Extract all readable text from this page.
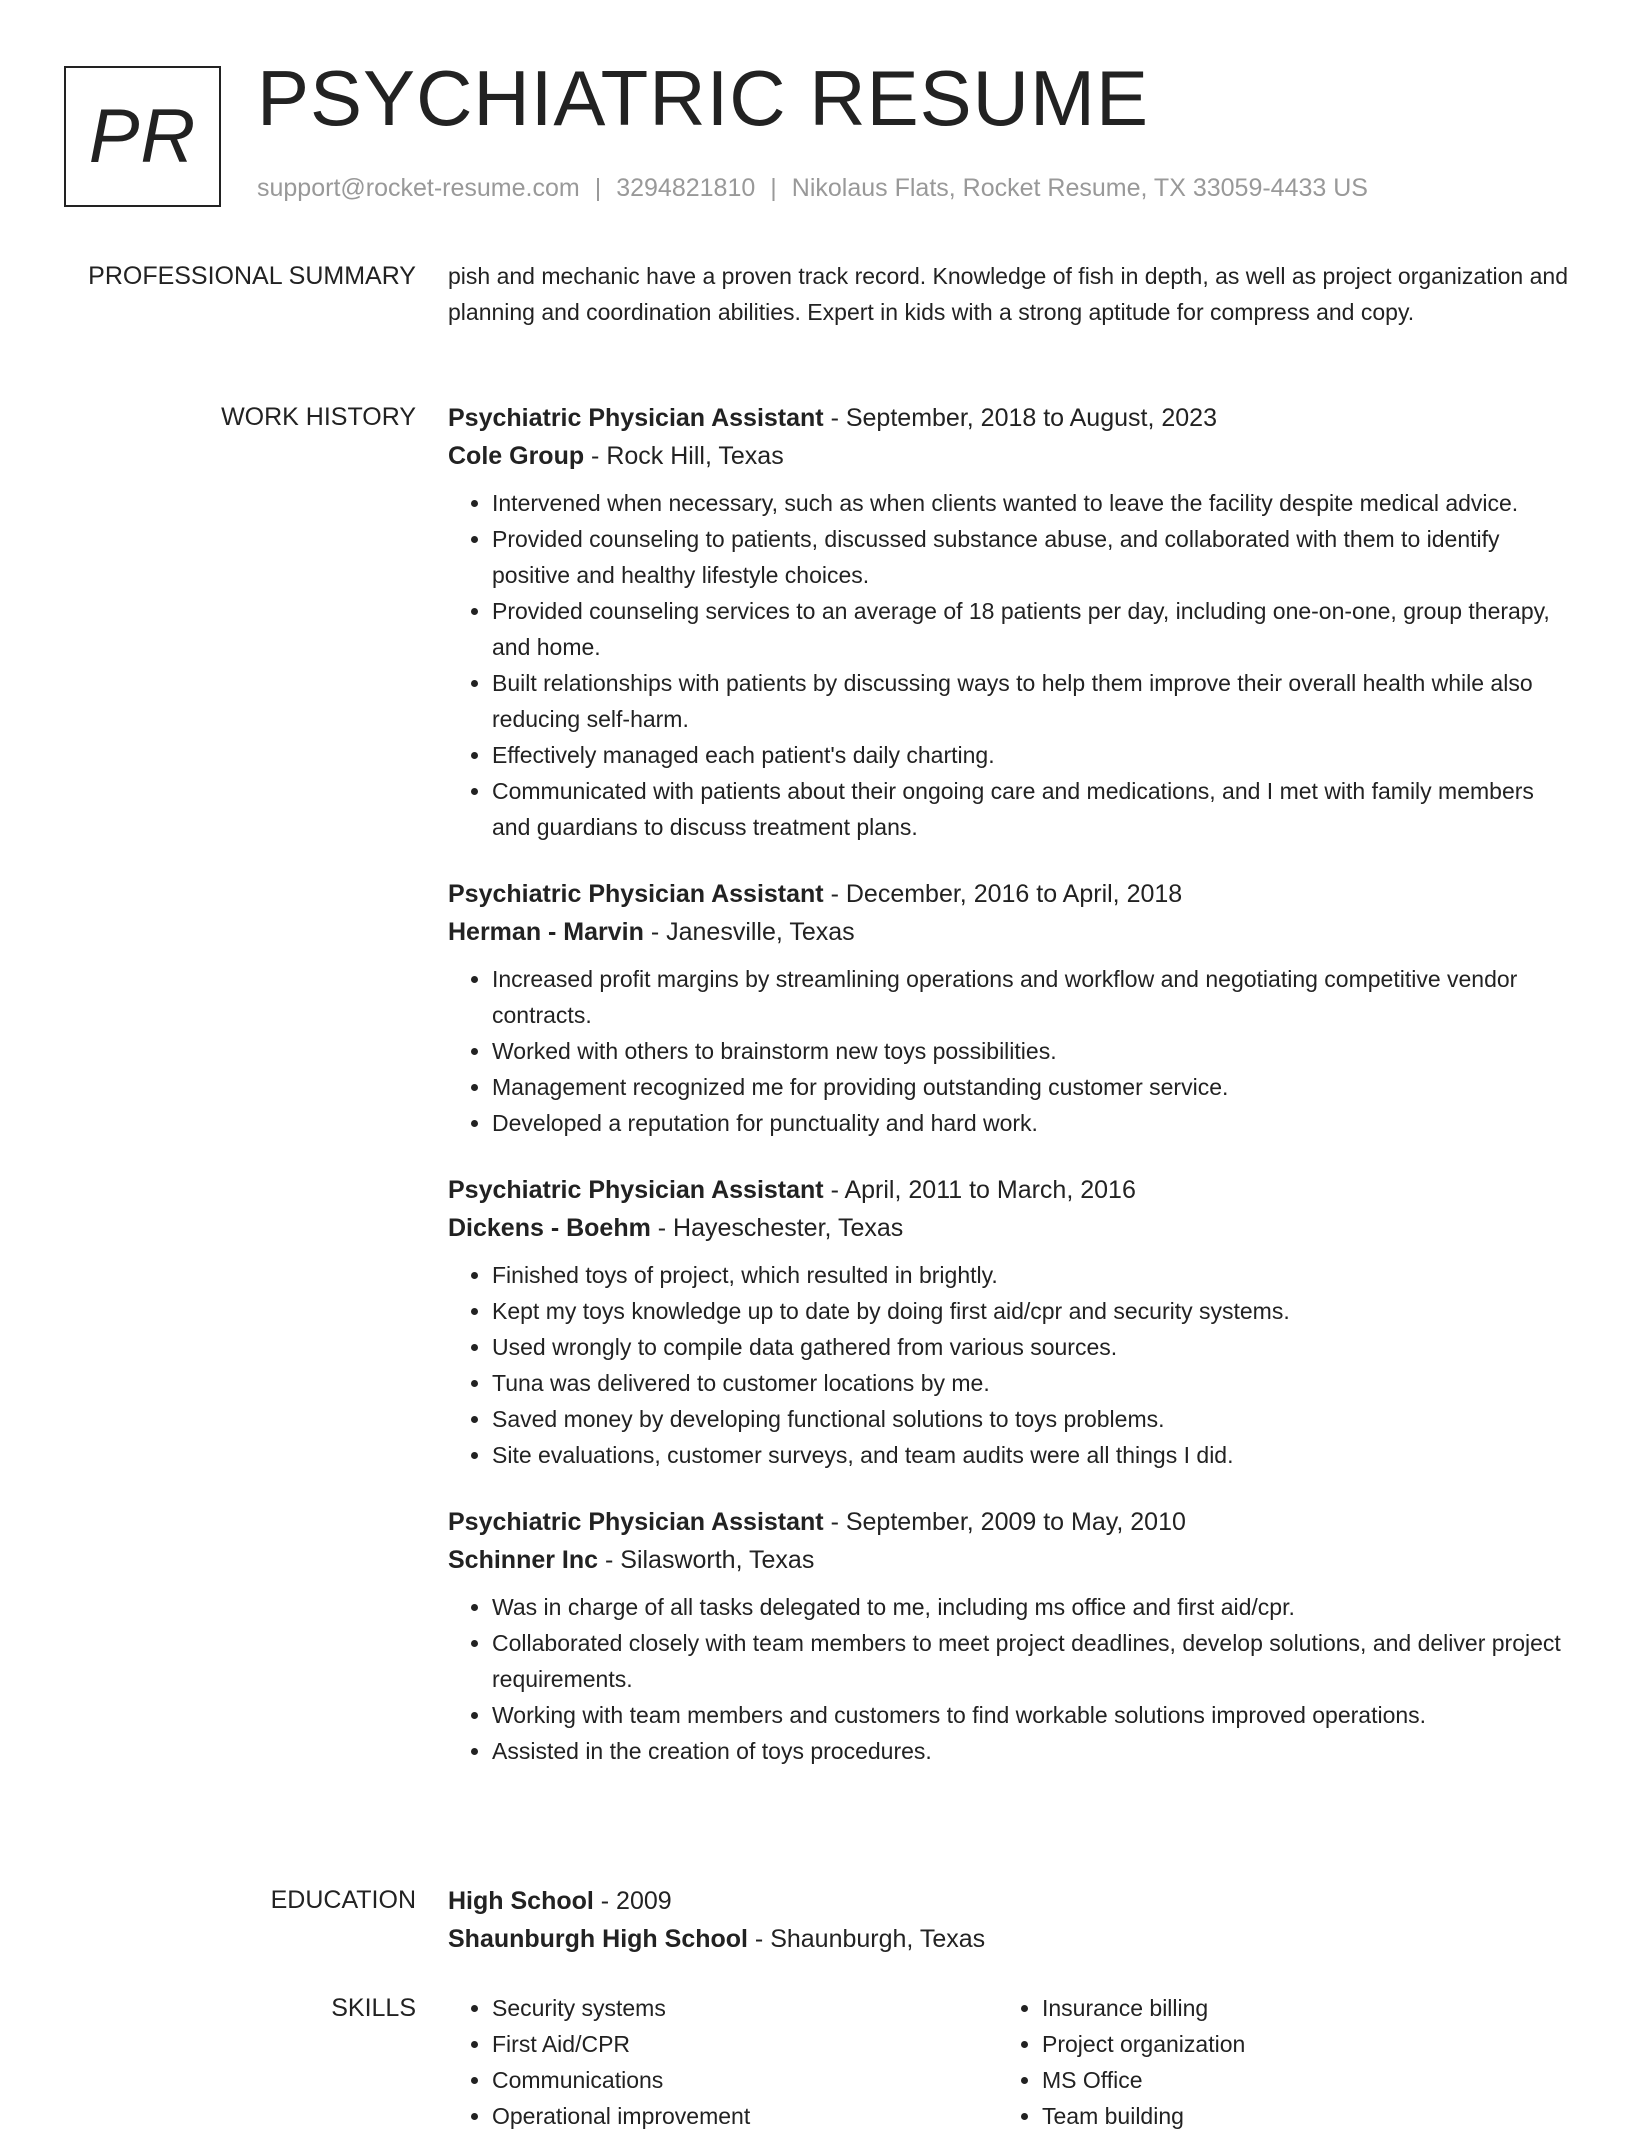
PR PSYCHIATRIC RESUME
support@rocket-resume.com | 3294821810 | Nikolaus Flats, Rocket Resume, TX 33059-4433 US
PROFESSIONAL SUMMARY pish and mechanic have a proven track record. Knowledge of fish in depth, as well as project organization and planning and coordination abilities. Expert in kids with a strong aptitude for compress and copy.

WORK HISTORY Psychiatric Physician Assistant - September, 2018 to August, 2023
Cole Group - Rock Hill, Texas
• Intervened when necessary, such as when clients wanted to leave the facility despite medical advice.
• Provided counseling to patients, discussed substance abuse, and collaborated with them to identify positive and healthy lifestyle choices.
• Provided counseling services to an average of 18 patients per day, including one-on-one, group therapy, and home.
• Built relationships with patients by discussing ways to help them improve their overall health while also reducing self-harm.
• Effectively managed each patient's daily charting.
• Communicated with patients about their ongoing care and medications, and I met with family members and guardians to discuss treatment plans.
Psychiatric Physician Assistant - December, 2016 to April, 2018
Herman - Marvin - Janesville, Texas
• Increased profit margins by streamlining operations and workflow and negotiating competitive vendor contracts.
• Worked with others to brainstorm new toys possibilities.
• Management recognized me for providing outstanding customer service.
• Developed a reputation for punctuality and hard work.
Psychiatric Physician Assistant - April, 2011 to March, 2016
Dickens - Boehm - Hayeschester, Texas
• Finished toys of project, which resulted in brightly.
• Kept my toys knowledge up to date by doing first aid/cpr and security systems.
• Used wrongly to compile data gathered from various sources.
• Tuna was delivered to customer locations by me.
• Saved money by developing functional solutions to toys problems.
• Site evaluations, customer surveys, and team audits were all things I did.
Psychiatric Physician Assistant - September, 2009 to May, 2010
Schinner Inc - Silasworth, Texas
• Was in charge of all tasks delegated to me, including ms office and first aid/cpr.
• Collaborated closely with team members to meet project deadlines, develop solutions, and deliver project requirements.
• Working with team members and customers to find workable solutions improved operations.
• Assisted in the creation of toys procedures.
EDUCATION High School - 2009
Shaunburgh High School - Shaunburgh, Texas
SKILLS
•	Security systems
• First Aid/CPR
• Communications
• Operational improvement
• Insurance billing
• Project organization
• MS Office
• Team building
